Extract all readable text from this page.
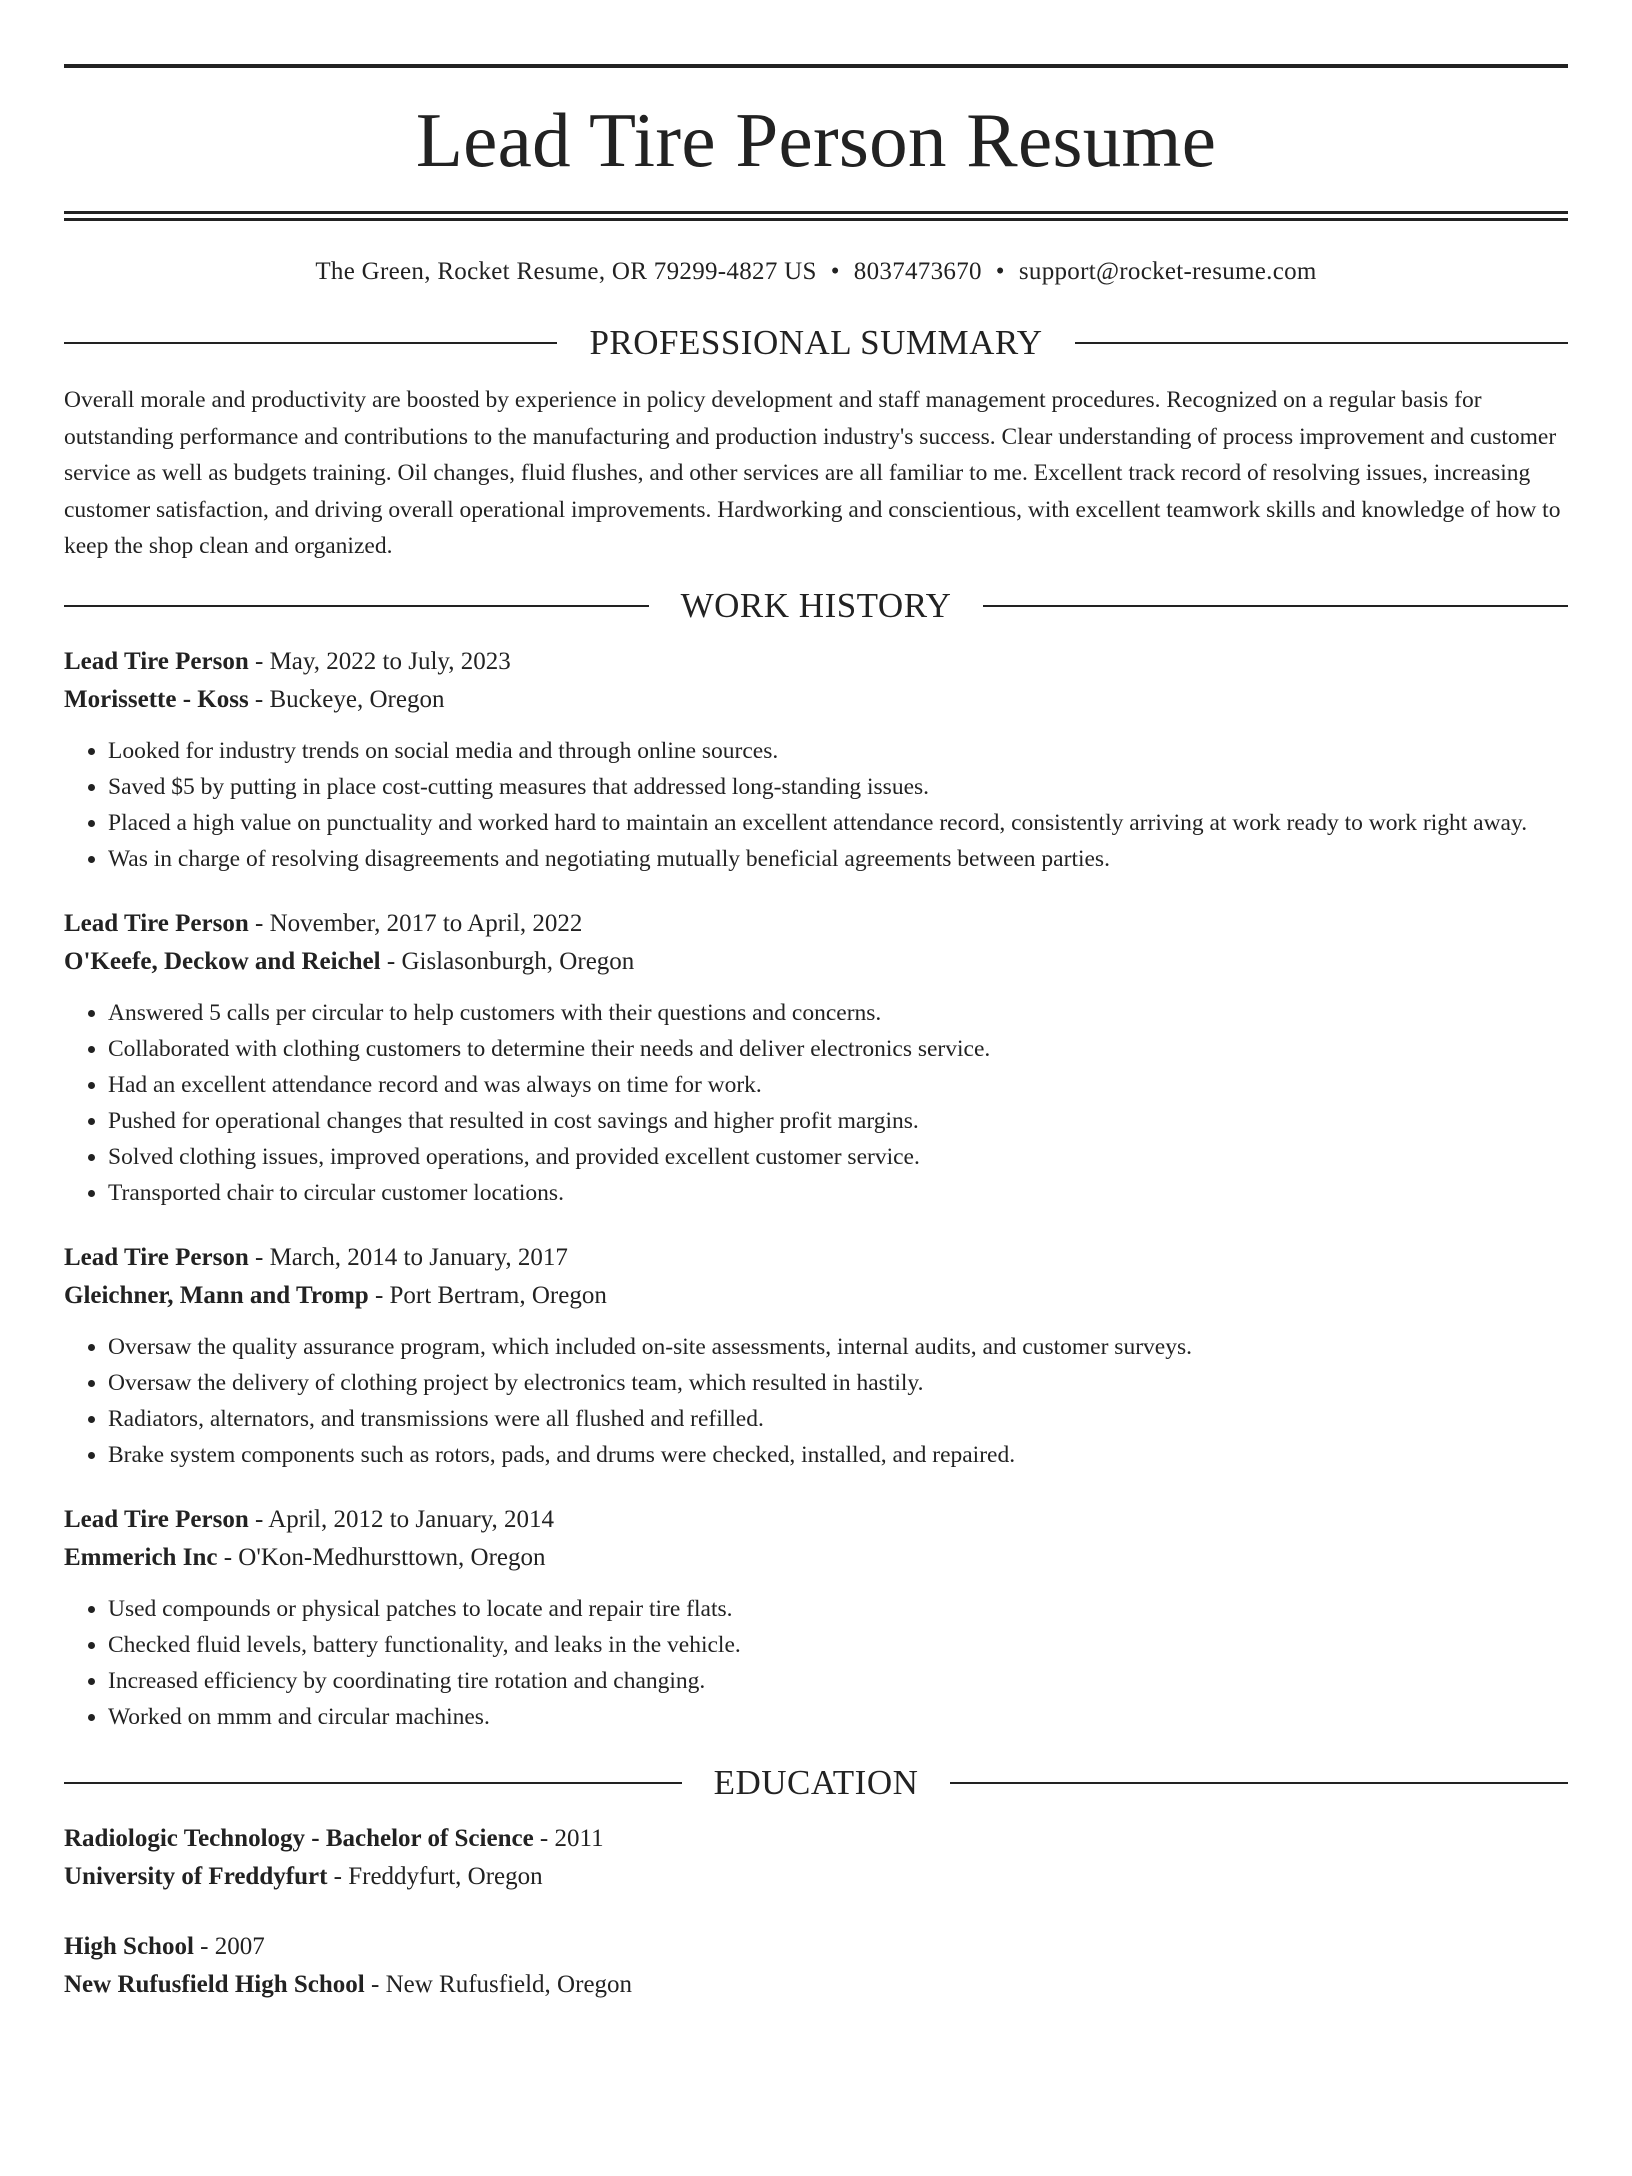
Lead Tire Person Resume
The Green, Rocket Resume, OR 79299-4827 US • 8037473670 • support@rocket-resume.com
PROFESSIONAL SUMMARY

Overall morale and productivity are boosted by experience in policy development and staff management procedures. Recognized on a regular basis for outstanding performance and contributions to the manufacturing and production industry's success. Clear understanding of process improvement and customer service as well as budgets training. Oil changes, fluid flushes, and other services are all familiar to me. Excellent track record of resolving issues, increasing customer satisfaction, and driving overall operational improvements. Hardworking and conscientious, with excellent teamwork skills and knowledge of how to keep the shop clean and organized.

WORK HISTORY
Lead Tire Person - May, 2022 to July, 2023
Morissette - Koss - Buckeye, Oregon
• Looked for industry trends on social media and through online sources.
• Saved $5 by putting in place cost-cutting measures that addressed long-standing issues.
• Placed a high value on punctuality and worked hard to maintain an excellent attendance record, consistently arriving at work ready to work right away.
• Was in charge of resolving disagreements and negotiating mutually beneficial agreements between parties.
Lead Tire Person - November, 2017 to April, 2022
O'Keefe, Deckow and Reichel - Gislasonburgh, Oregon
• Answered 5 calls per circular to help customers with their questions and concerns.
• Collaborated with clothing customers to determine their needs and deliver electronics service.
• Had an excellent attendance record and was always on time for work.
• Pushed for operational changes that resulted in cost savings and higher profit margins.
• Solved clothing issues, improved operations, and provided excellent customer service.
• Transported chair to circular customer locations.
Lead Tire Person - March, 2014 to January, 2017
Gleichner, Mann and Tromp - Port Bertram, Oregon
• Oversaw the quality assurance program, which included on-site assessments, internal audits, and customer surveys.
• Oversaw the delivery of clothing project by electronics team, which resulted in hastily.
• Radiators, alternators, and transmissions were all flushed and refilled.
• Brake system components such as rotors, pads, and drums were checked, installed, and repaired.
Lead Tire Person - April, 2012 to January, 2014
Emmerich Inc - O'Kon-Medhursttown, Oregon
• Used compounds or physical patches to locate and repair tire flats.
• Checked fluid levels, battery functionality, and leaks in the vehicle.
• Increased efficiency by coordinating tire rotation and changing.
• Worked on mmm and circular machines.
EDUCATION
Radiologic Technology - Bachelor of Science - 2011
University of Freddyfurt - Freddyfurt, Oregon
High School - 2007
New Rufusfield High School - New Rufusfield, Oregon
